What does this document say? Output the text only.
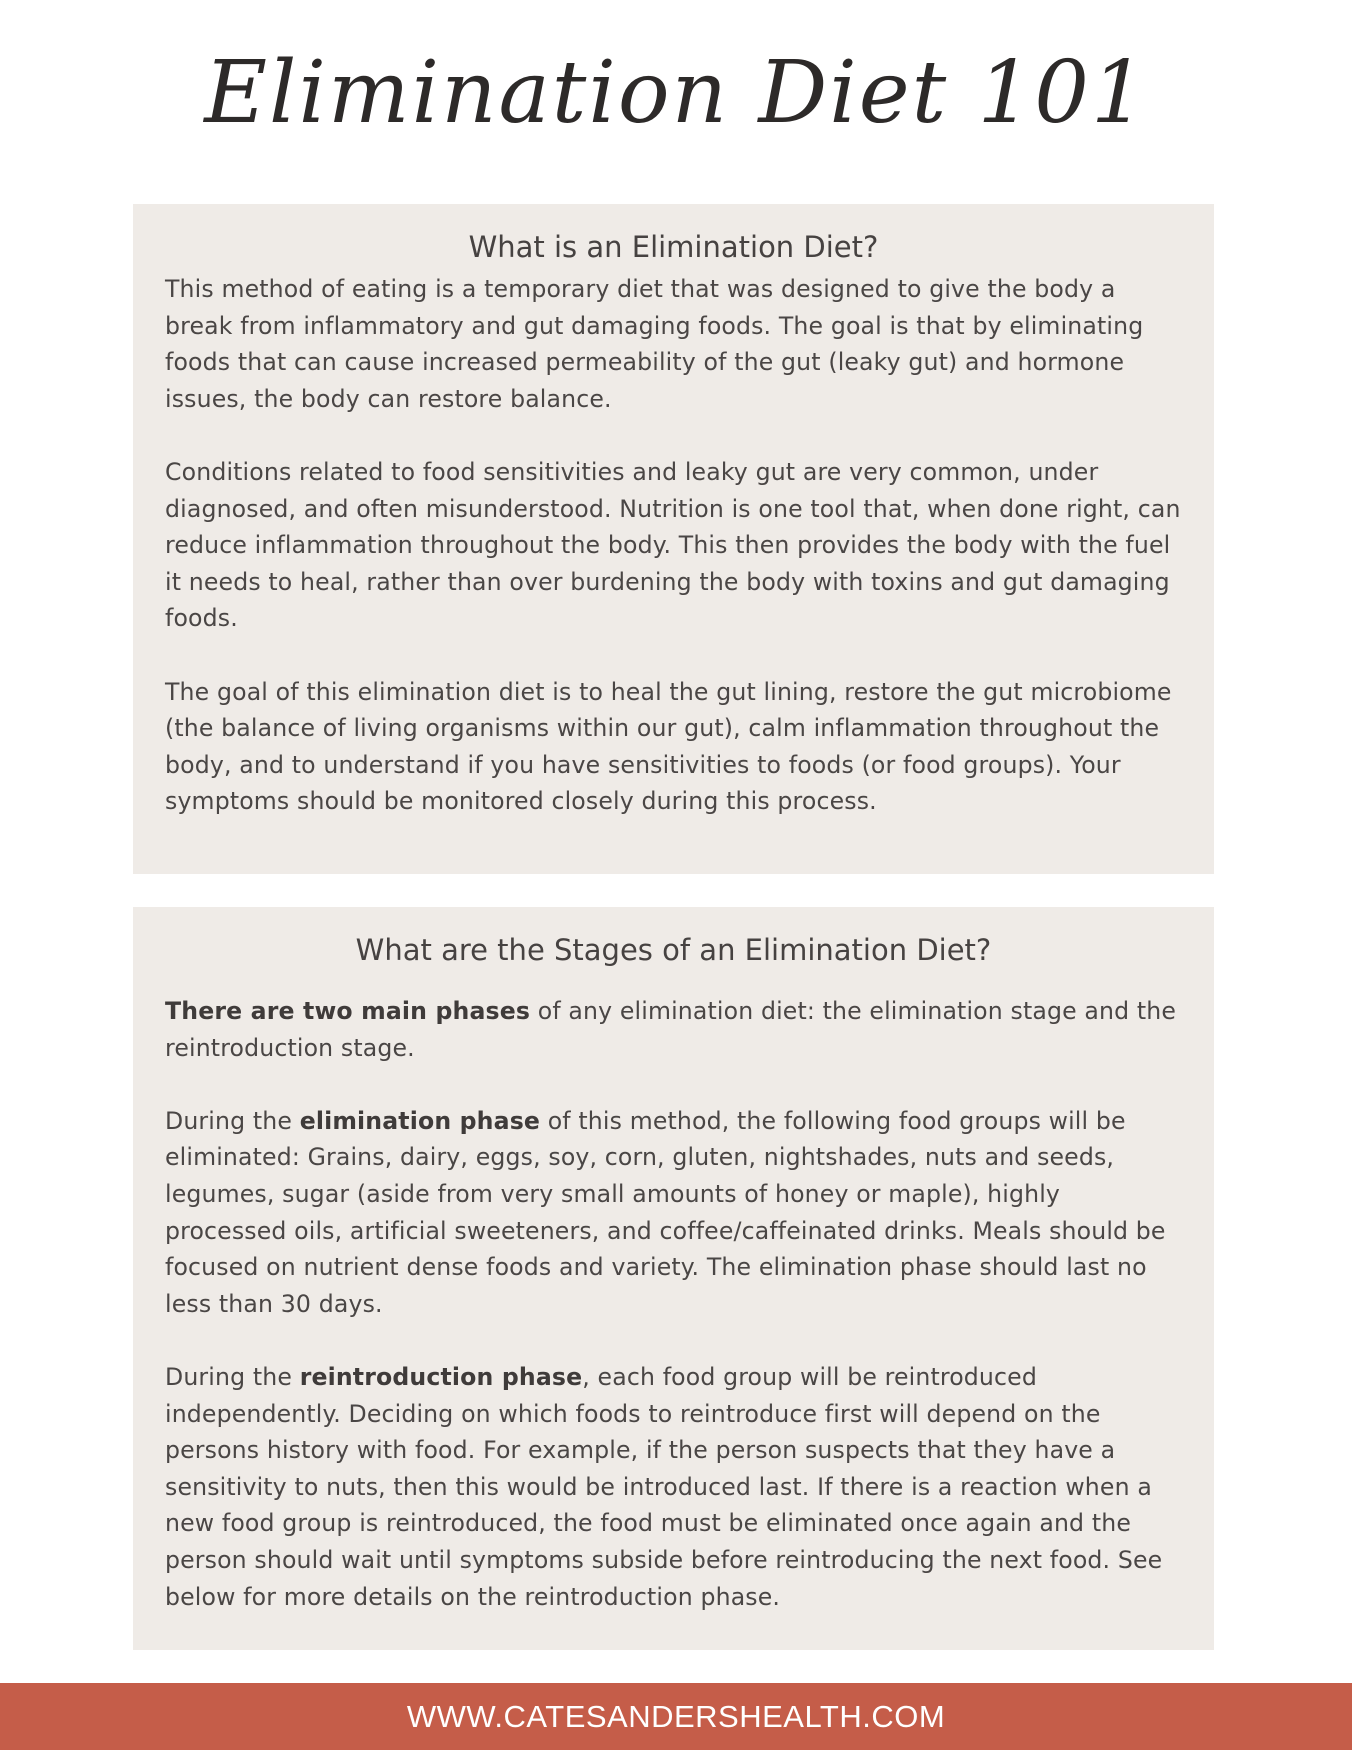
Elimination Diet 101
What is an Elimination Diet?

This method of eating is a temporary diet that was designed to give the body a break from inflammatory and gut damaging foods. The goal is that by eliminating foods that can cause increased permeability of the gut (leaky gut) and hormone issues, the body can restore balance.

Conditions related to food sensitivities and leaky gut are very common, under diagnosed, and often misunderstood. Nutrition is one tool that, when done right, can reduce inflammation throughout the body. This then provides the body with the fuel it needs to heal, rather than over burdening the body with toxins and gut damaging foods.

The goal of this elimination diet is to heal the gut lining, restore the gut microbiome (the balance of living organisms within our gut), calm inflammation throughout the body, and to understand if you have sensitivities to foods (or food groups). Your symptoms should be monitored closely during this process.

What are the Stages of an Elimination Diet?

There are two main phases of any elimination diet: the elimination stage and the reintroduction stage.

During the elimination phase of this method, the following food groups will be eliminated: Grains, dairy, eggs, soy, corn, gluten, nightshades, nuts and seeds, legumes, sugar (aside from very small amounts of honey or maple), highly processed oils, artificial sweeteners, and coffee/caffeinated drinks. Meals should be focused on nutrient dense foods and variety. The elimination phase should last no less than 30 days.

During the reintroduction phase, each food group will be reintroduced independently. Deciding on which foods to reintroduce first will depend on the persons history with food. For example, if the person suspects that they have a sensitivity to nuts, then this would be introduced last. If there is a reaction when a new food group is reintroduced, the food must be eliminated once again and the person should wait until symptoms subside before reintroducing the next food. See below for more details on the reintroduction phase.

WWW.CATESANDERSHEALTH.COM
